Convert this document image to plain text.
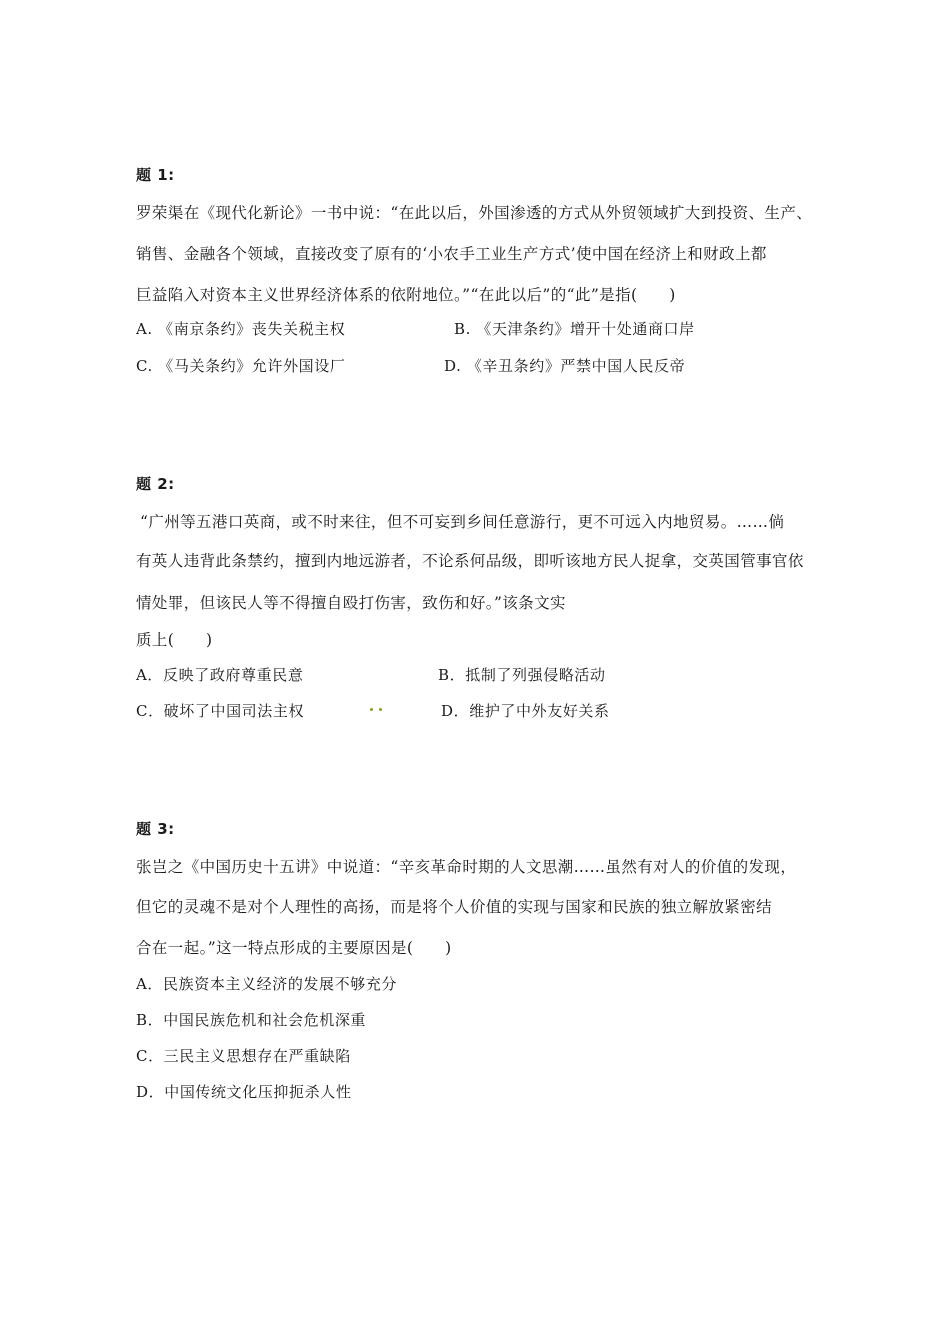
题 1:
罗荣渠在《现代化新论》一书中说：“在此以后，外国渗透的方式从外贸领域扩大到投资、生产、
销售、金融各个领域，直接改变了原有的‘小农手工业生产方式’使中国在经济上和财政上都
巨益陷入对资本主义世界经济体系的依附地位。”“在此以后”的“此”是指(　　)
A. 《南京条约》丧失关税主权	B. 《天津条约》增开十处通商口岸
C. 《马关条约》允许外国设厂	D. 《辛丑条约》严禁中国人民反帝
题 2:
“广州等五港口英商，或不时来往，但不可妄到乡间任意游行，更不可远入内地贸易。……倘
有英人违背此条禁约，擅到内地远游者，不论系何品级，即听该地方民人捉拿，交英国管事官依
情处罪，但该民人等不得擅自殴打伤害，致伤和好。”该条文实
质上(　　)
A．反映了政府尊重民意	B．抵制了列强侵略活动
C．破坏了中国司法主权	D．维护了中外友好关系
题 3:
张岂之《中国历史十五讲》中说道：“辛亥革命时期的人文思潮……虽然有对人的价值的发现，
但它的灵魂不是对个人理性的高扬，而是将个人价值的实现与国家和民族的独立解放紧密结
合在一起。”这一特点形成的主要原因是(　　)
A．民族资本主义经济的发展不够充分
B．中国民族危机和社会危机深重
C．三民主义思想存在严重缺陷
D．中国传统文化压抑扼杀人性
